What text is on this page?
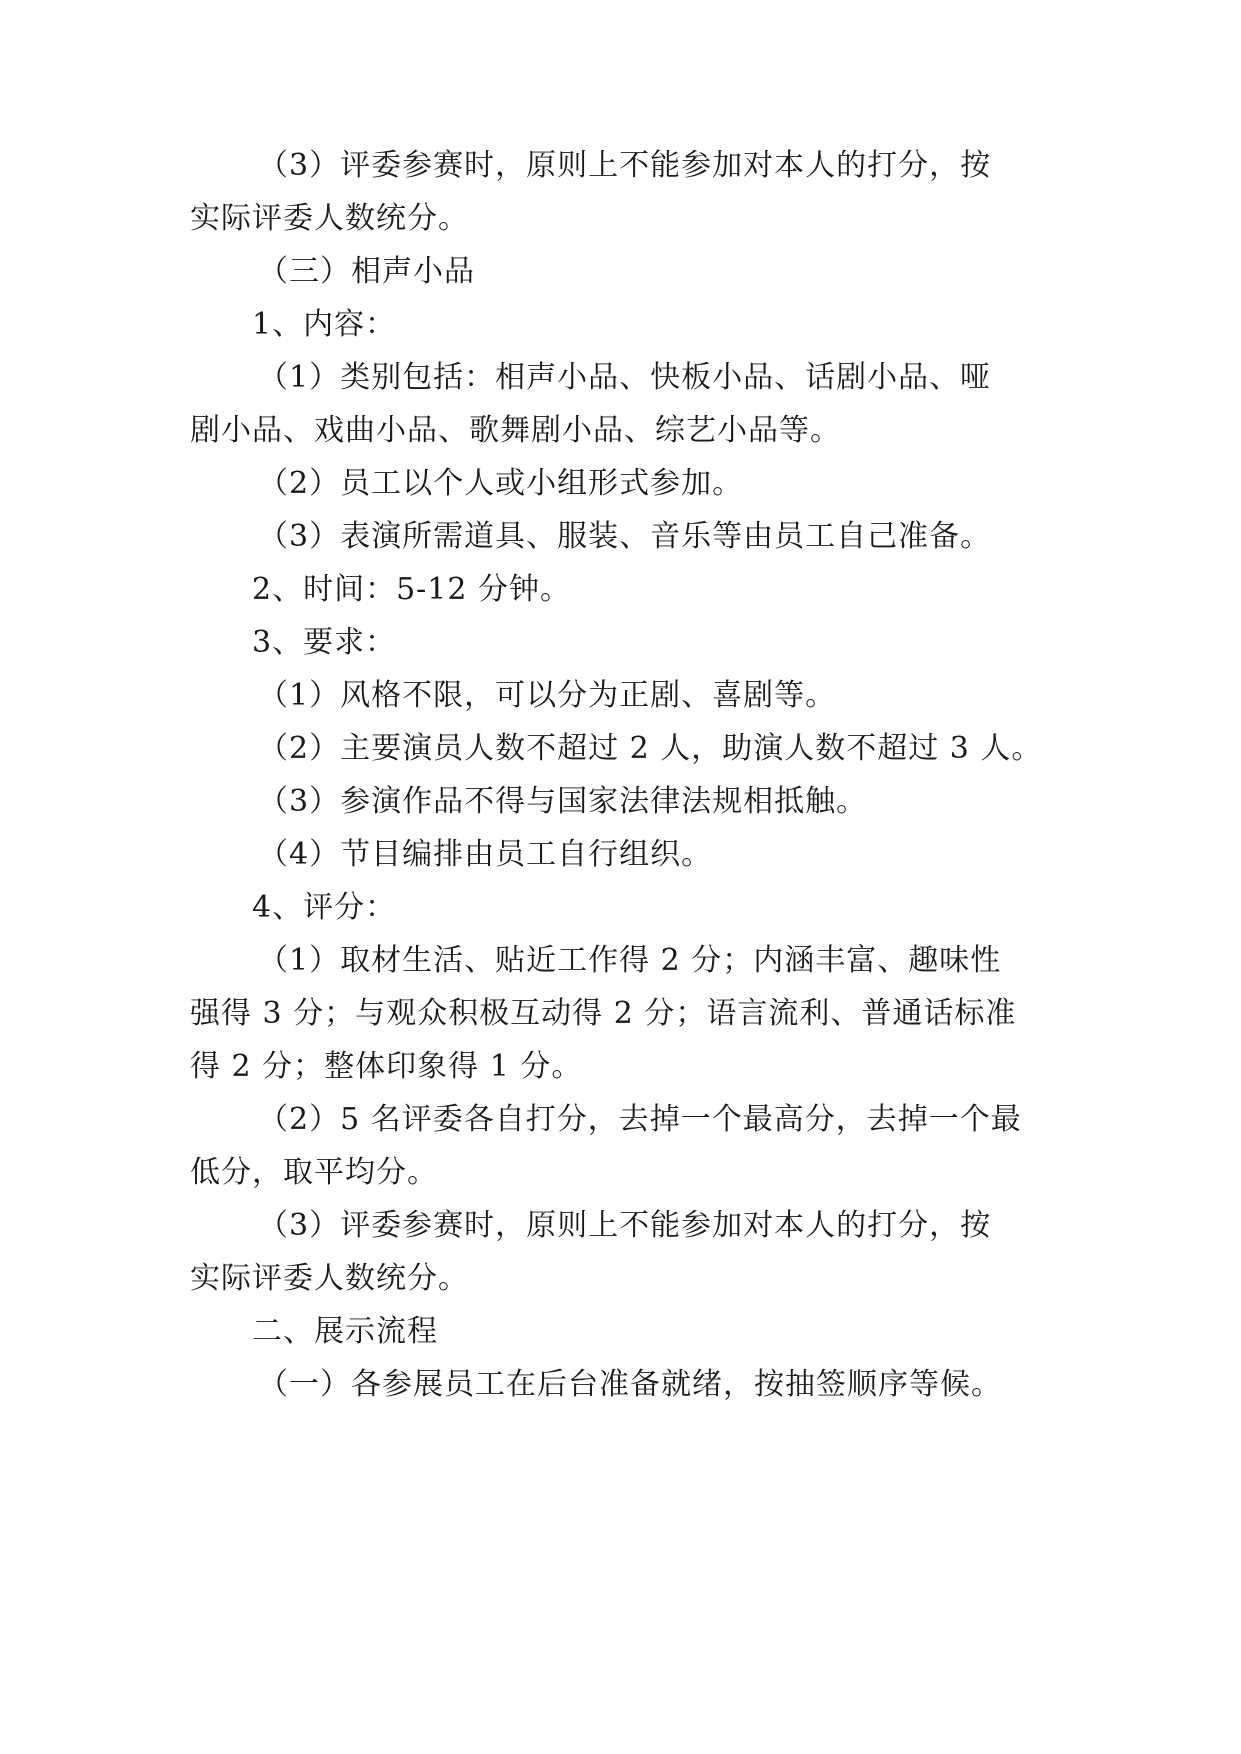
（3）评委参赛时，原则上不能参加对本人的打分，按
实际评委人数统分。
（三）相声小品
1、内容：
（1）类别包括：相声小品、快板小品、话剧小品、哑
剧小品、戏曲小品、歌舞剧小品、综艺小品等。
（2）员工以个人或小组形式参加。
（3）表演所需道具、服装、音乐等由员工自己准备。
2、时间：5-12 分钟。
3、要求：
（1）风格不限，可以分为正剧、喜剧等。
（2）主要演员人数不超过 2 人，助演人数不超过 3 人。
（3）参演作品不得与国家法律法规相抵触。
（4）节目编排由员工自行组织。
4、评分：
（1）取材生活、贴近工作得 2 分；内涵丰富、趣味性
强得 3 分；与观众积极互动得 2 分；语言流利、普通话标准
得 2 分；整体印象得 1 分。
（2）5 名评委各自打分，去掉一个最高分，去掉一个最
低分，取平均分。
（3）评委参赛时，原则上不能参加对本人的打分，按
实际评委人数统分。
二、展示流程
（一）各参展员工在后台准备就绪，按抽签顺序等候。
